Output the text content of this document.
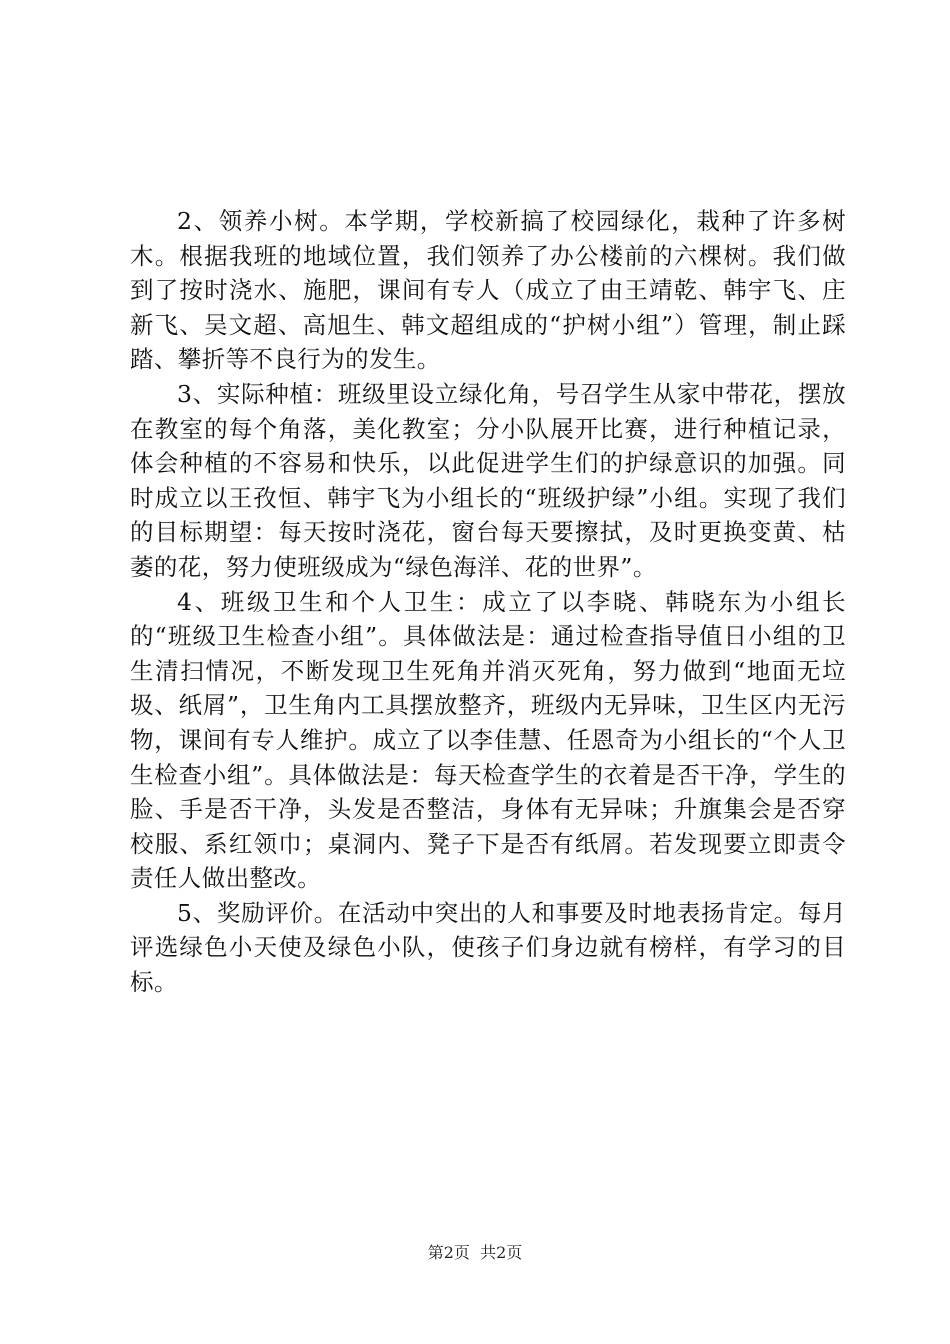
2、领养小树。本学期，学校新搞了校园绿化，栽种了许多树木。根据我班的地域位置，我们领养了办公楼前的六棵树。我们做到了按时浇水、施肥，课间有专人（成立了由王靖乾、韩宇飞、庄新飞、吴文超、高旭生、韩文超组成的“护树小组”）管理，制止踩踏、攀折等不良行为的发生。

3、实际种植：班级里设立绿化角，号召学生从家中带花，摆放在教室的每个角落，美化教室；分小队展开比赛，进行种植记录，体会种植的不容易和快乐，以此促进学生们的护绿意识的加强。同时成立以王孜恒、韩宇飞为小组长的“班级护绿”小组。实现了我们的目标期望：每天按时浇花，窗台每天要擦拭，及时更换变黄、枯萎的花，努力使班级成为“绿色海洋、花的世界”。

4、班级卫生和个人卫生：成立了以李晓、韩晓东为小组长的“班级卫生检查小组”。具体做法是：通过检查指导值日小组的卫生清扫情况，不断发现卫生死角并消灭死角，努力做到“地面无垃圾、纸屑”，卫生角内工具摆放整齐，班级内无异味，卫生区内无污物，课间有专人维护。成立了以李佳慧、任恩奇为小组长的“个人卫生检查小组”。具体做法是：每天检查学生的衣着是否干净，学生的脸、手是否干净，头发是否整洁，身体有无异味；升旗集会是否穿校服、系红领巾；桌洞内、凳子下是否有纸屑。若发现要立即责令责任人做出整改。

5、奖励评价。在活动中突出的人和事要及时地表扬肯定。每月评选绿色小天使及绿色小队，使孩子们身边就有榜样，有学习的目标。

第2页  共2页
